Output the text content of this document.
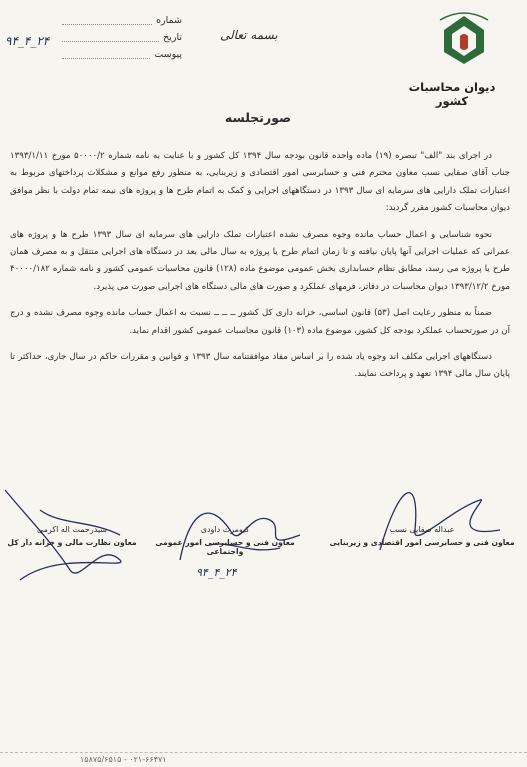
شماره
تاریخ
پیوست
۹۴_۴_۲۴	بسمه تعالی
دیوان محاسبات کشور
صورتجلسه

در اجرای بند "الف" تبصره (۱۹) ماده واحده قانون بودجه سال ۱۳۹۴ کل کشور و با عنایت به نامه شماره ۵۰۰۰۰/۲ مورخ ۱۳۹۳/۱/۱۱ جناب آقای صفایی نسب معاون محترم فنی و حسابرسی امور اقتصادی و زیربنایی، به منظور رفع موانع و مشکلات پرداختهای مربوط به اعتبارات تملک دارایی های سرمایه ای سال ۱۳۹۳ در دستگاههای اجرایی و کمک به اتمام طرح ها و پروژه های نیمه تمام دولت با نظر موافق دیوان محاسبات کشور مقرر گردید:

نحوه شناسایی و اعمال حساب مانده وجوه مصرف نشده اعتبارات تملک دارایی های سرمایه ای سال ۱۳۹۳ طرح ها و پروژه های عمرانی که عملیات اجرایی آنها پایان نیافته و تا زمان اتمام طرح یا پروژه به سال مالی بعد در دستگاه های اجرایی منتقل و به مصرف همان طرح یا پروژه می رسد، مطابق نظام حسابداری بخش عمومی موضوع ماده (۱۲۸) قانون محاسبات عمومی کشور و نامه شماره ۴۰۰۰۰/۱۸۲ مورخ ۱۳۹۳/۱۲/۲ دیوان محاسبات در دفاتر، فرمهای عملکرد و صورت های مالی دستگاه های اجرایی صورت می پذیرد.

ضمناً به منظور رعایت اصل (۵۳) قانون اساسی، خزانه داری کل کشور ــ ــ ــ نسبت به اعمال حساب مانده وجوه مصرف نشده و درج آن در صورتحساب عملکرد بودجه کل کشور، موضوع ماده (۱۰۳) قانون محاسبات عمومی کشور اقدام نماید.

دستگاههای اجرایی مکلف اند وجوه یاد شده را بر اساس مفاد موافقتنامه سال ۱۳۹۳ و قوانین و مقررات حاکم در سال جاری، حداکثر تا پایان سال مالی ۱۳۹۴ تعهد و پرداخت نمایند.

عبداله صفایی نسب
معاون فنی و حسابرسی امور اقتصادی و زیربنایی
کیومرث داودی
معاون فنی و حسابرسی امور عمومی واجتماعی
سیدرحمت اله اکرمی
معاون نظارت مالی و خزانه دار کل
۹۴_۴_۲۴
۱۵۸۷۵/۶۵۱۵ - ۰۲۱-۶۶۴۷۱
